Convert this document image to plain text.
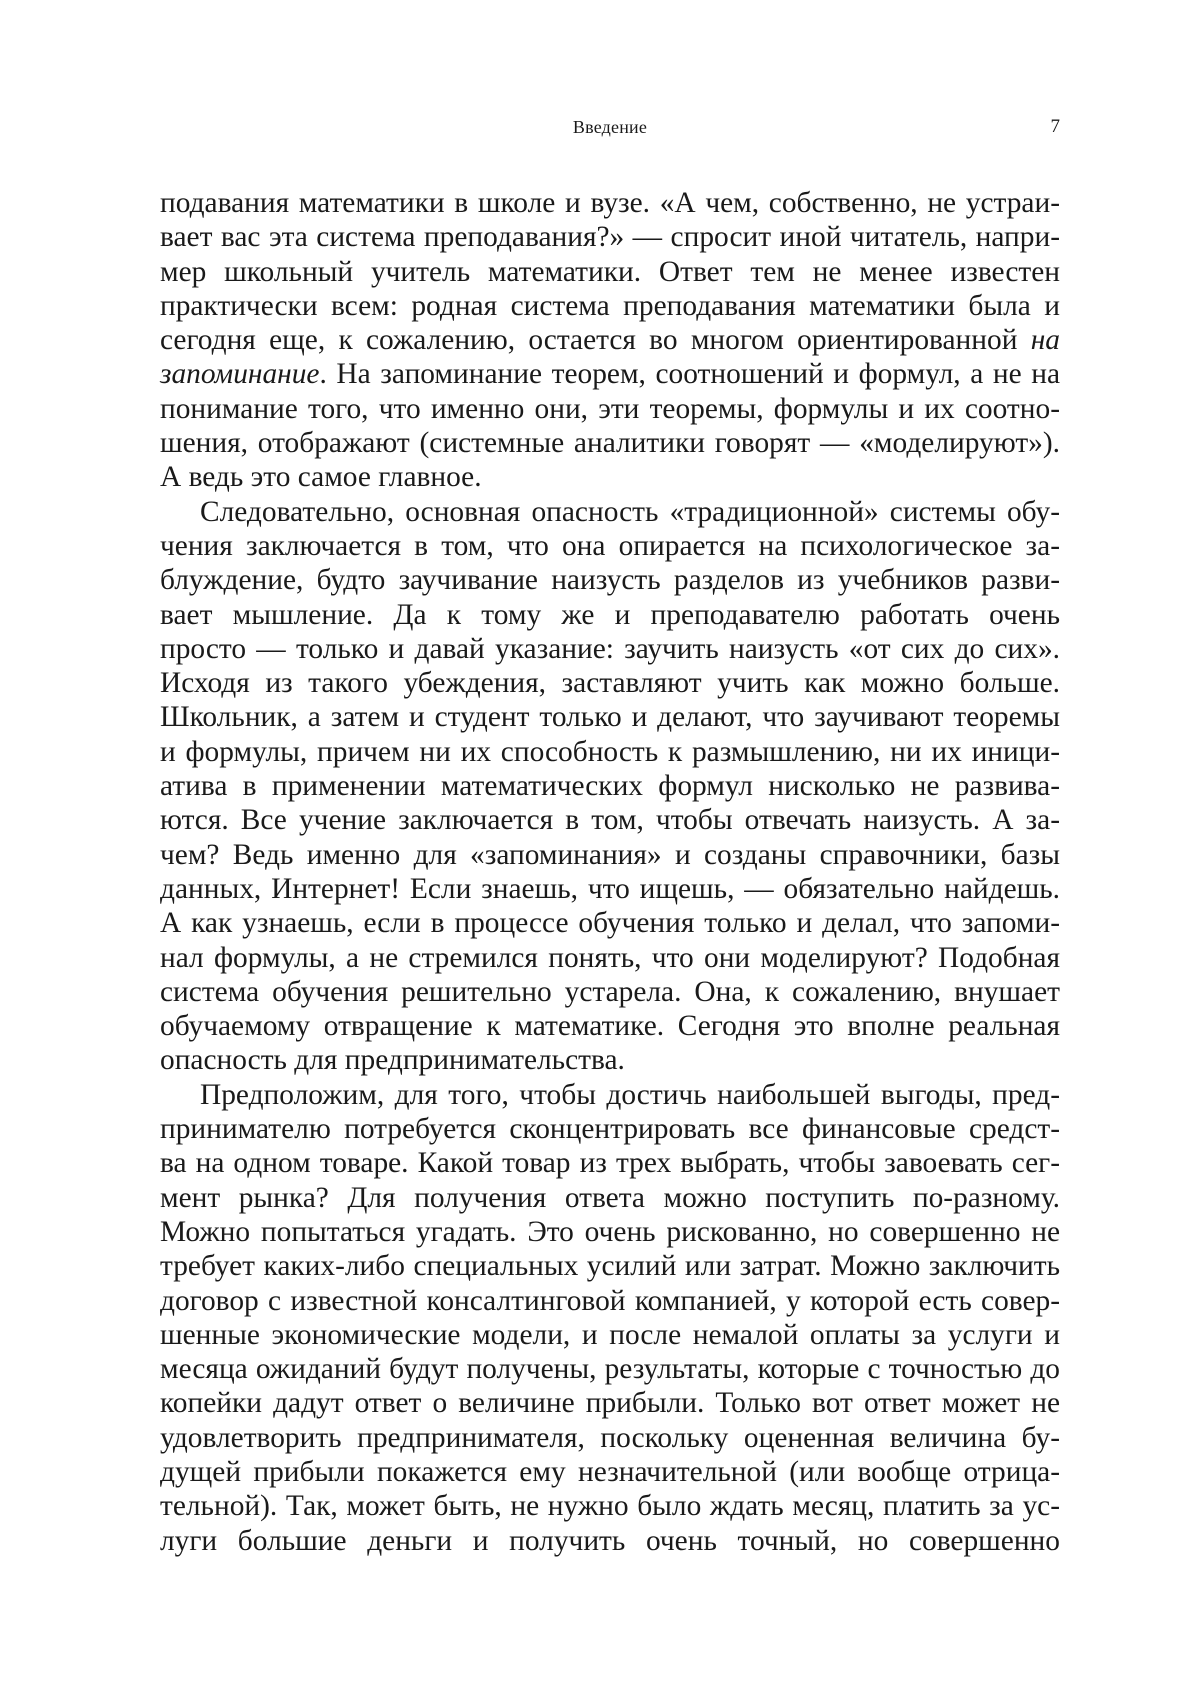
Введение	7

подавания математики в школе и вузе. «А чем, собственно, не устраи-
вает вас эта система преподавания?» — спросит иной читатель, напри-
мер школьный учитель математики. Ответ тем не менее известен
практически всем: родная система преподавания математики была и
сегодня еще, к сожалению, остается во многом ориентированной на
запоминание. На запоминание теорем, соотношений и формул, а не на
понимание того, что именно они, эти теоремы, формулы и их соотно-
шения, отображают (системные аналитики говорят — «моделируют»).
А ведь это самое главное.

Следовательно, основная опасность «традиционной» системы обу-
чения заключается в том, что она опирается на психологическое за-
блуждение, будто заучивание наизусть разделов из учебников разви-
вает мышление. Да к тому же и преподавателю работать очень
просто — только и давай указание: заучить наизусть «от сих до сих».
Исходя из такого убеждения, заставляют учить как можно больше.
Школьник, а затем и студент только и делают, что заучивают теоремы
и формулы, причем ни их способность к размышлению, ни их иници-
атива в применении математических формул нисколько не развива-
ются. Все учение заключается в том, чтобы отвечать наизусть. А за-
чем? Ведь именно для «запоминания» и созданы справочники, базы
данных, Интернет! Если знаешь, что ищешь, — обязательно найдешь.
А как узнаешь, если в процессе обучения только и делал, что запоми-
нал формулы, а не стремился понять, что они моделируют? Подобная
система обучения решительно устарела. Она, к сожалению, внушает
обучаемому отвращение к математике. Сегодня это вполне реальная
опасность для предпринимательства.

Предположим, для того, чтобы достичь наибольшей выгоды, пред-
принимателю потребуется сконцентрировать все финансовые средст-
ва на одном товаре. Какой товар из трех выбрать, чтобы завоевать сег-
мент рынка? Для получения ответа можно поступить по-разному.
Можно попытаться угадать. Это очень рискованно, но совершенно не
требует каких-либо специальных усилий или затрат. Можно заключить
договор с известной консалтинговой компанией, у которой есть совер-
шенные экономические модели, и после немалой оплаты за услуги и
месяца ожиданий будут получены, результаты, которые с точностью до
копейки дадут ответ о величине прибыли. Только вот ответ может не
удовлетворить предпринимателя, поскольку оцененная величина бу-
дущей прибыли покажется ему незначительной (или вообще отрица-
тельной). Так, может быть, не нужно было ждать месяц, платить за ус-
луги большие деньги и получить очень точный, но совершенно
